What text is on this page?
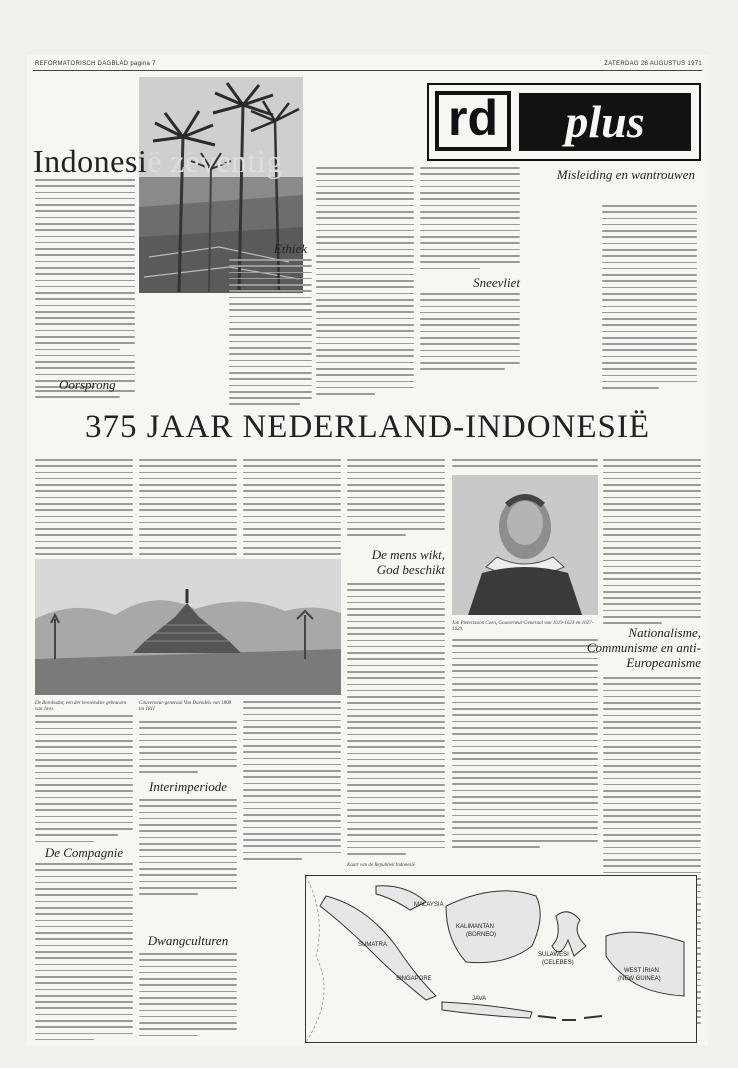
REFORMATORISCH DAGBLAD pagina 7	ZATERDAG 28 AUGUSTUS 1971
Indonesië zeventig
rd	plus
Oorsprong
Ethiek
Sneevliet
Misleiding en wantrouwen
375 JAAR NEDERLAND-INDONESIË
De mens wikt, God beschikt
Jan Pieterszoon Coen, Gouverneur-Generaal van 1619-1623 en 1627-1629.	Nationalisme, Communisme en anti-Europeanisme
De Borobudur, een der beroemdste gebouwen van Java
De Compagnie
Gouverneur-generaal Van Daendels van 1808 tot 1811
Interimperiode
Dwangculturen
Kaart van de Republiek Indonesië
MALAYSIA
SUMATRA
KALIMANTAN
(BORNEO)
SULAWESI
(CELEBES)
JAVA
WEST IRIAN
(NEW GUINEA)
SINGAPORE
